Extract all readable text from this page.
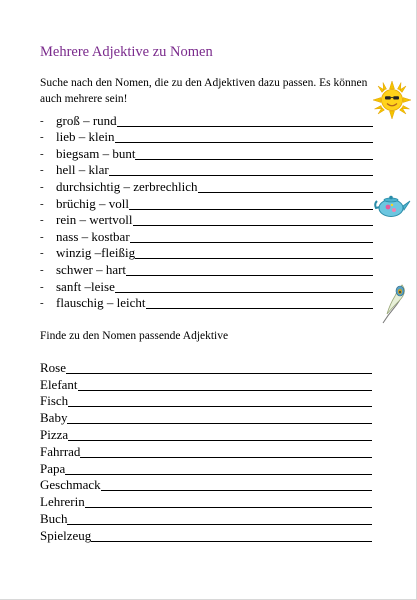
Mehrere Adjektive zu Nomen
Suche nach den Nomen, die zu den Adjektiven dazu passen. Es können auch mehrere sein!
- groß – rund
- lieb – klein
- biegsam – bunt
- hell – klar
- durchsichtig – zerbrechlich
- brüchig – voll
- rein – wertvoll
- nass – kostbar
- winzig –fleißig
- schwer – hart
- sanft –leise
- flauschig – leicht
Finde zu den Nomen passende Adjektive
Rose
Elefant
Fisch
Baby
Pizza
Fahrrad
Papa
Geschmack
Lehrerin
Buch
Spielzeug
